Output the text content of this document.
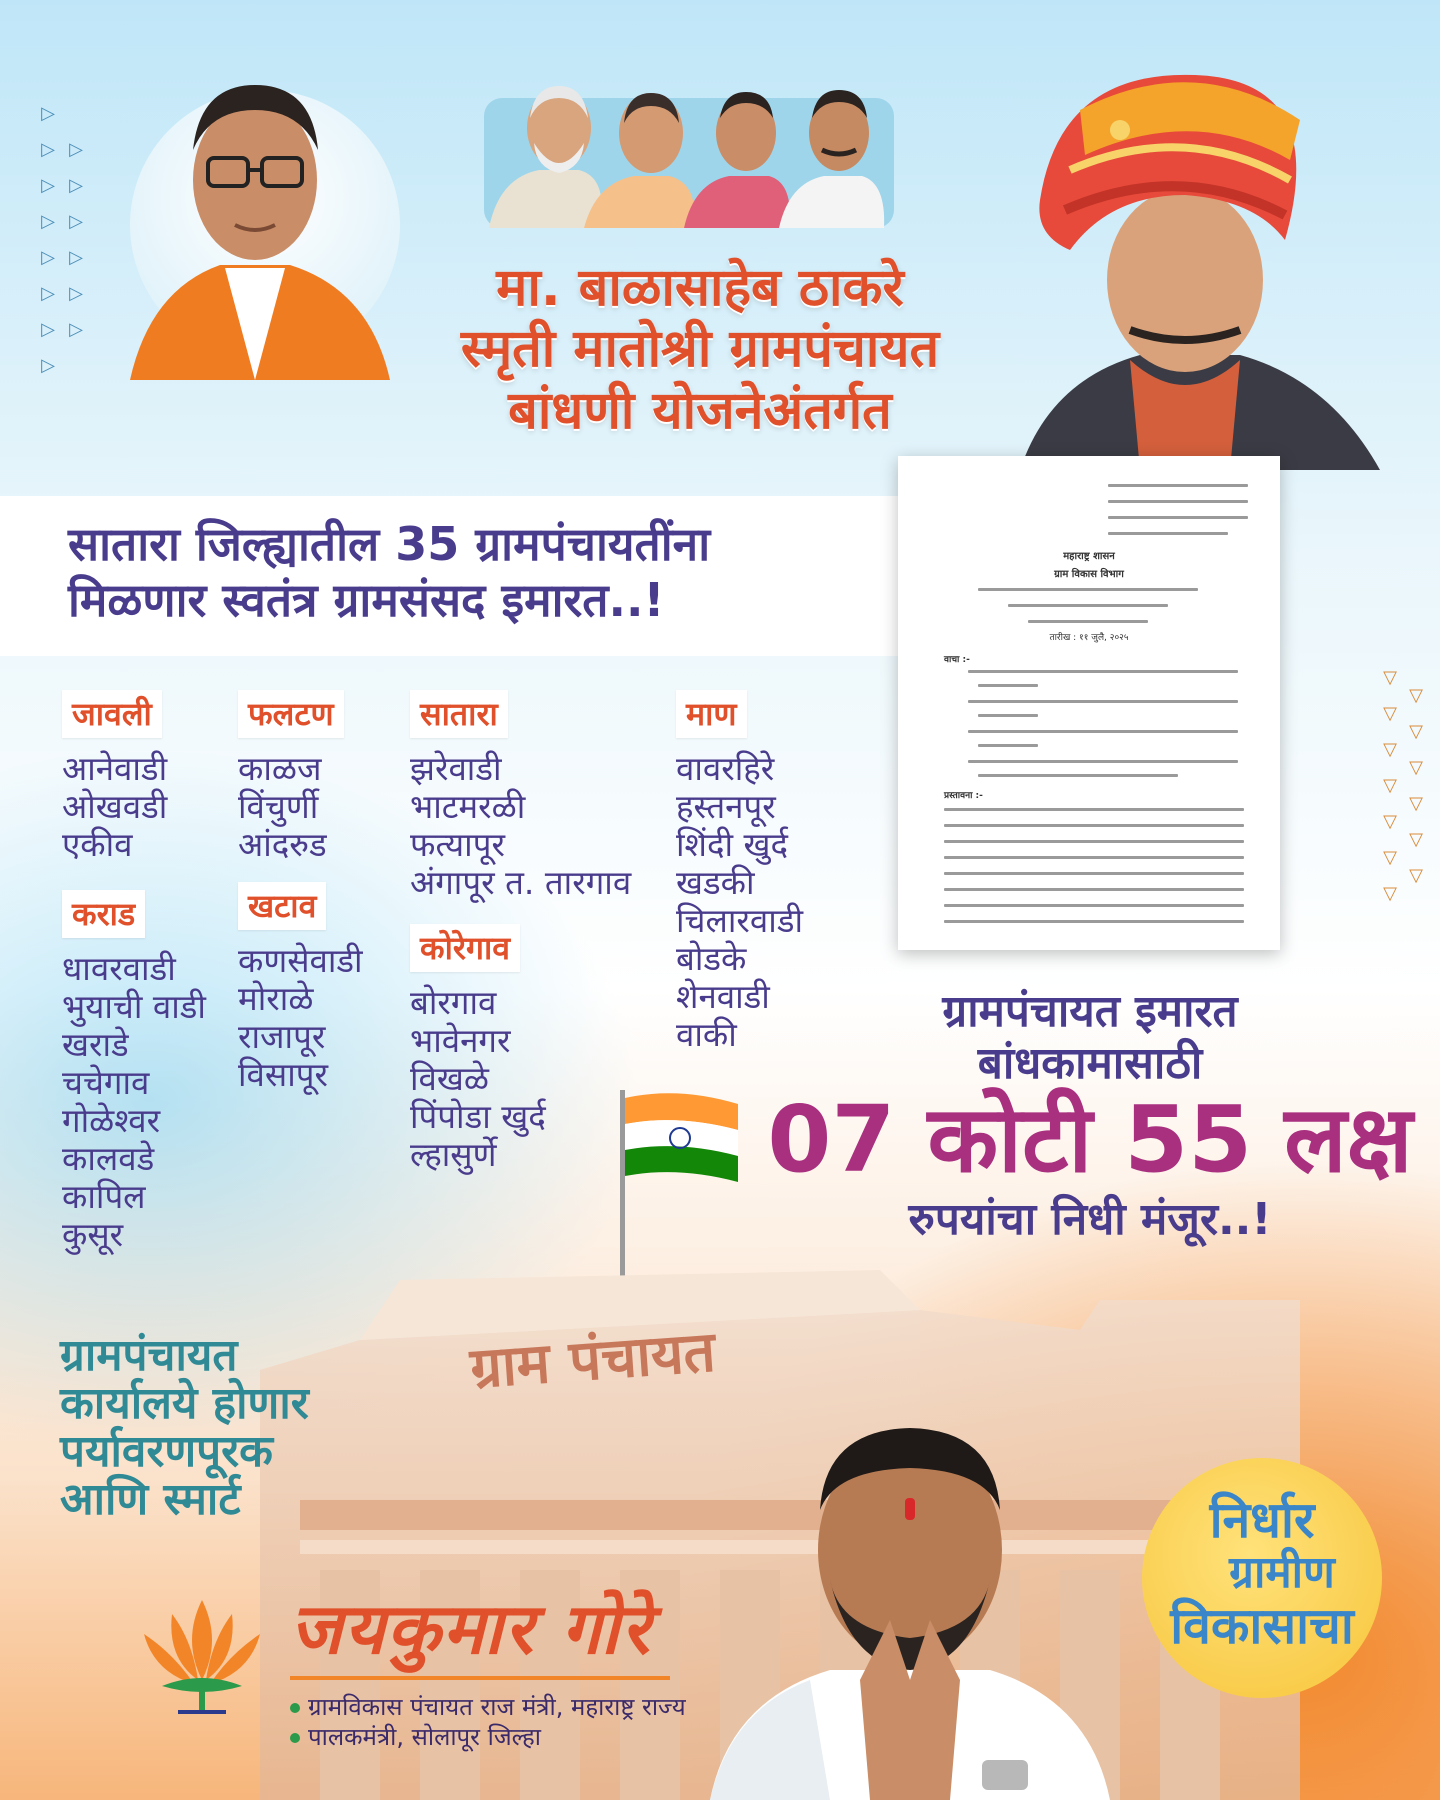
▷
▷
▷
▷
▷
▷
▷
▷
▷
▷
▷
▷
▷
▷
▽
▽
▽
▽
▽
▽
▽
▽
▽
▽
▽
▽
▽
मा. बाळासाहेब ठाकरे
स्मृती मातोश्री ग्रामपंचायत
बांधणी योजनेअंतर्गत
सातारा जिल्ह्यातील 35 ग्रामपंचायतींना
मिळणार स्वतंत्र ग्रामसंसद इमारत..!
महाराष्ट्र शासन
ग्राम विकास विभाग
तारीख : ११ जुलै, २०२५
वाचा :-
प्रस्तावना :-
जावली
आनेवाडी
ओखवडी
एकीव
फलटण
काळज
विंचुर्णी
आंदरुड
सातारा
झरेवाडी
भाटमरळी
फत्यापूर
अंगापूर त. तारगाव
माण
वावरहिरे
हस्तनपूर
शिंदी खुर्द
खडकी
चिलारवाडी
बोडके
शेनवाडी
वाकी
कराड
धावरवाडी
भुयाची वाडी
खराडे
चचेगाव
गोळेश्वर
कालवडे
कापिल
कुसूर
खटाव
कणसेवाडी
मोराळे
राजापूर
विसापूर
कोरेगाव
बोरगाव
भावेनगर
विखळे
पिंपोडा खुर्द
ल्हासुर्णे
ग्रामपंचायत इमारत
बांधकामासाठी
07 कोटी 55 लक्ष
रुपयांचा निधी मंजूर..!
ग्राम पंचायत
ग्रामपंचायत
कार्यालये होणार
पर्यावरणपूरक
आणि स्मार्ट	निर्धार
ग्रामीण
विकासाचा
जयकुमार गोरे
ग्रामविकास पंचायत राज मंत्री, महाराष्ट्र राज्य
पालकमंत्री, सोलापूर जिल्हा
